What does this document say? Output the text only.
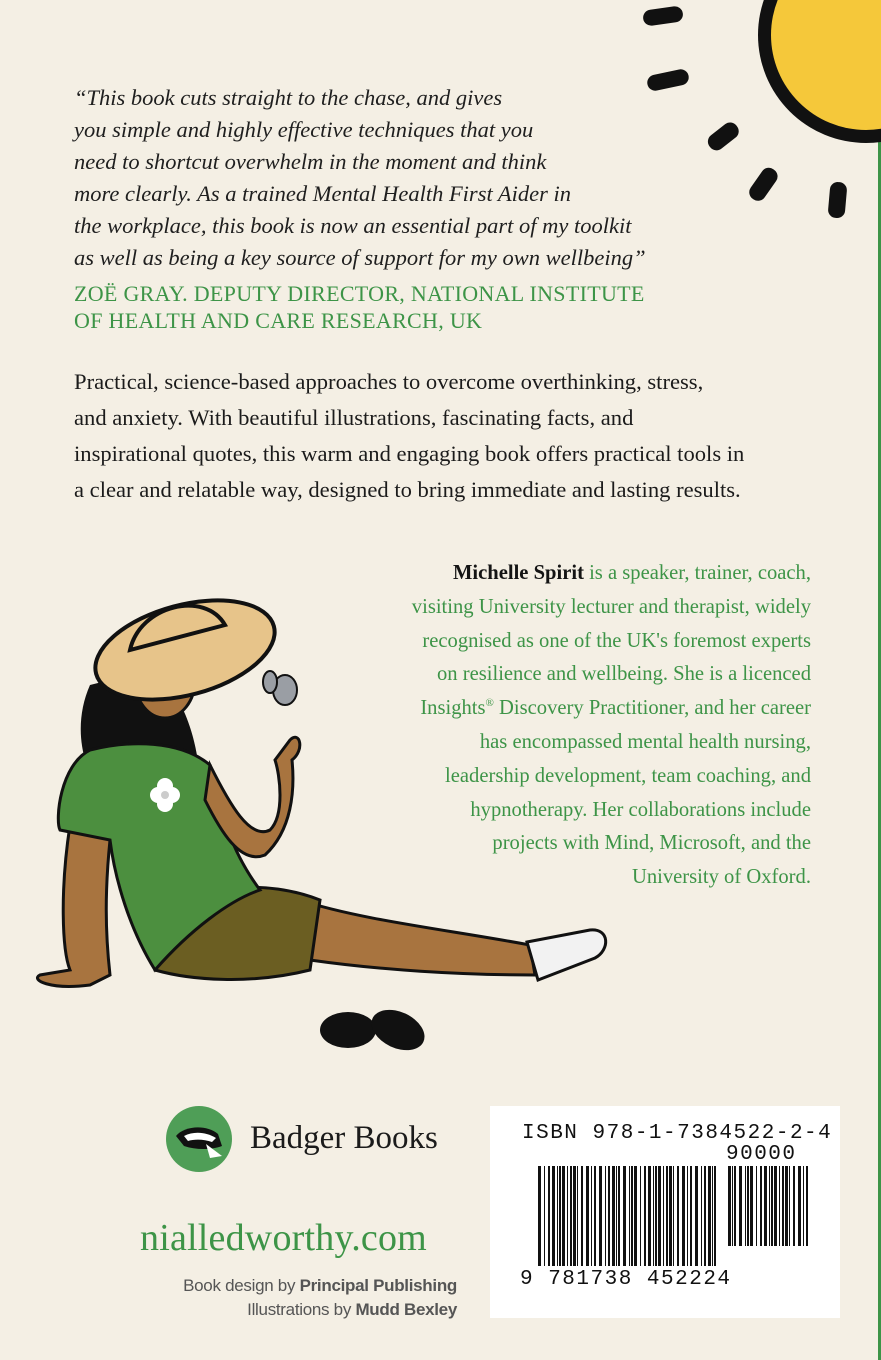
“This book cuts straight to the chase, and gives
you simple and highly effective techniques that you
need to shortcut overwhelm in the moment and think
more clearly. As a trained Mental Health First Aider in
the workplace, this book is now an essential part of my toolkit
as well as being a key source of support for my own wellbeing”
ZOË GRAY. DEPUTY DIRECTOR, NATIONAL INSTITUTE
OF HEALTH AND CARE RESEARCH, UK
Practical, science-based approaches to overcome overthinking, stress,
and anxiety. With beautiful illustrations, fascinating facts, and
inspirational quotes, this warm and engaging book offers practical tools in
a clear and relatable way, designed to bring immediate and lasting results.
Michelle Spirit is a speaker, trainer, coach,
visiting University lecturer and therapist, widely
recognised as one of the UK's foremost experts
on resilience and wellbeing. She is a licenced
Insights® Discovery Practitioner, and her career
has encompassed mental health nursing,
leadership development, team coaching, and
hypnotherapy. Her collaborations include
projects with Mind, Microsoft, and the
University of Oxford.
Badger Books
nialledworthy.com
Book design by Principal Publishing
Illustrations by Mudd Bexley
ISBN 978-1-7384522-2-4
90000
9 781738 452224
